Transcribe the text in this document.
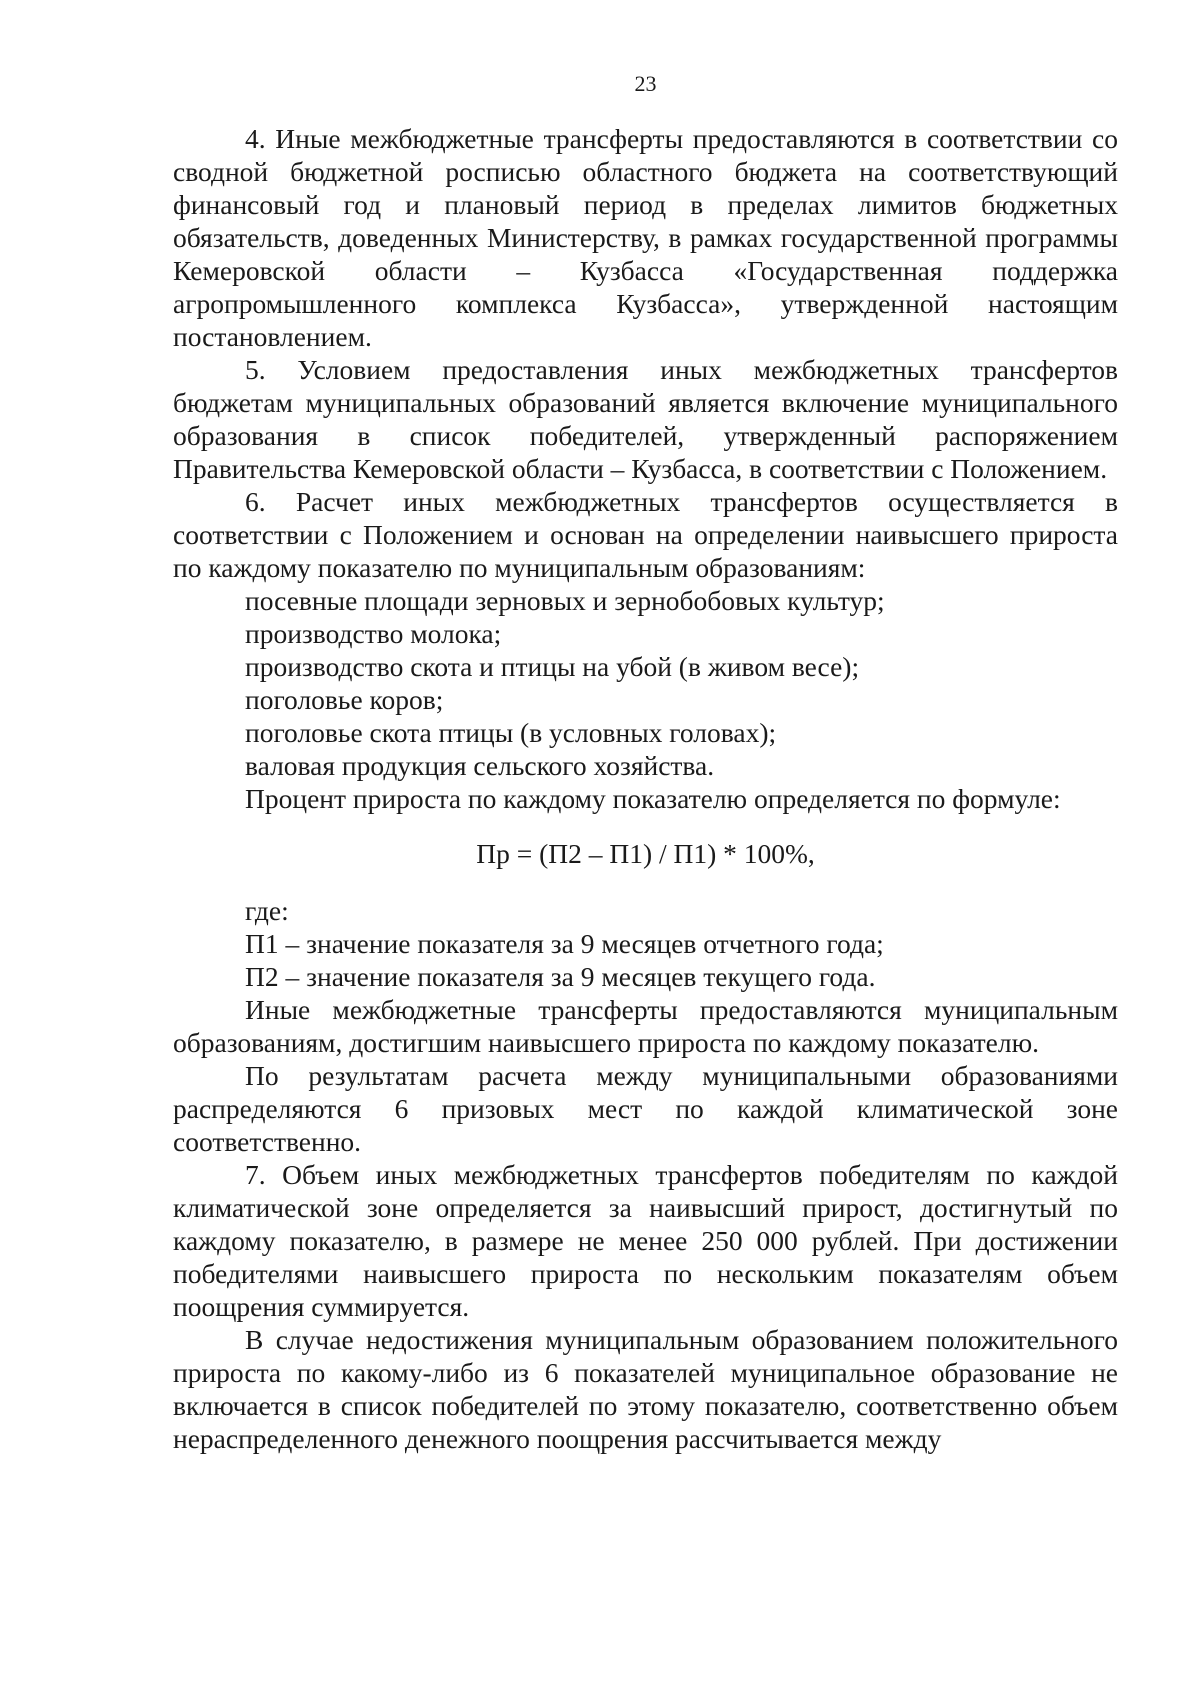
23

4. Иные межбюджетные трансферты предоставляются в соответствии со сводной бюджетной росписью областного бюджета на соответствующий финансовый год и плановый период в пределах лимитов бюджетных обязательств, доведенных Министерству, в рамках государственной программы Кемеровской области – Кузбасса «Государственная поддержка агропромышленного комплекса Кузбасса», утвержденной настоящим постановлением.

5. Условием предоставления иных межбюджетных трансфертов бюджетам муниципальных образований является включение муниципального образования в список победителей, утвержденный распоряжением Правительства Кемеровской области – Кузбасса, в соответствии с Положением.

6. Расчет иных межбюджетных трансфертов осуществляется в соответствии с Положением и основан на определении наивысшего прироста по каждому показателю по муниципальным образованиям:

посевные площади зерновых и зернобобовых культур;

производство молока;

производство скота и птицы на убой (в живом весе);

поголовье коров;

поголовье скота птицы (в условных головах);

валовая продукция сельского хозяйства.

Процент прироста по каждому показателю определяется по формуле:

Пр = (П2 – П1) / П1) * 100%,

где:

П1 – значение показателя за 9 месяцев отчетного года;

П2 – значение показателя за 9 месяцев текущего года.

Иные межбюджетные трансферты предоставляются муниципальным образованиям, достигшим наивысшего прироста по каждому показателю.

По результатам расчета между муниципальными образованиями распределяются 6 призовых мест по каждой климатической зоне соответственно.

7. Объем иных межбюджетных трансфертов победителям по каждой климатической зоне определяется за наивысший прирост, достигнутый по каждому показателю, в размере не менее 250 000 рублей. При достижении победителями наивысшего прироста по нескольким показателям объем поощрения суммируется.

В случае недостижения муниципальным образованием положительного прироста по какому-либо из 6 показателей муниципальное образование не включается в список победителей по этому показателю, соответственно объем нераспределенного денежного поощрения рассчитывается между
